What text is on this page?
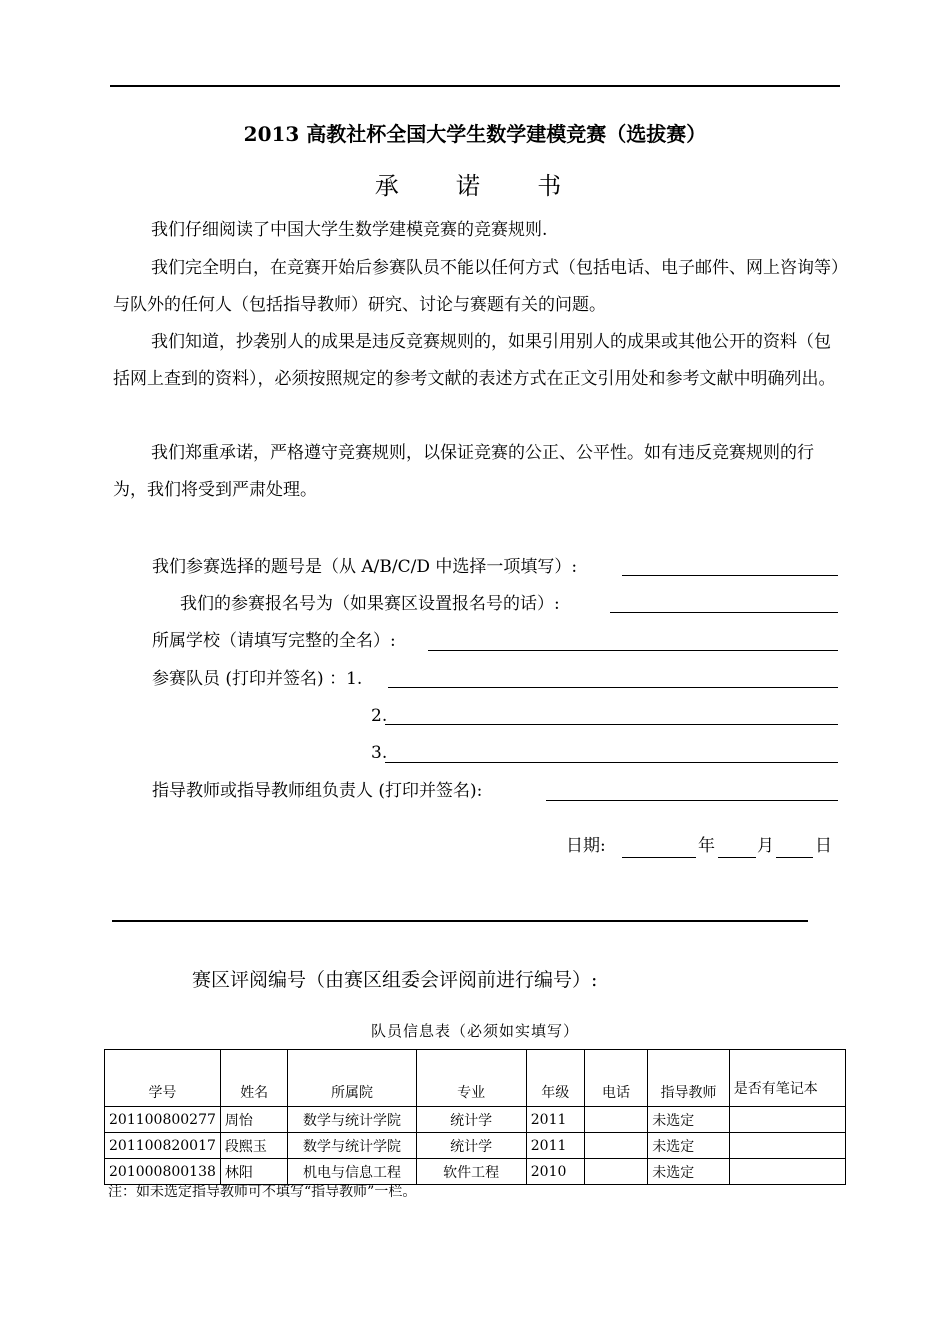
2013 高教社杯全国大学生数学建模竞赛（选拔赛）
承  诺  书
我们仔细阅读了中国大学生数学建模竞赛的竞赛规则.
我们完全明白，在竞赛开始后参赛队员不能以任何方式（包括电话、电子邮件、网上咨询等）与队外的任何人（包括指导教师）研究、讨论与赛题有关的问题。
我们知道，抄袭别人的成果是违反竞赛规则的，如果引用别人的成果或其他公开的资料（包括网上查到的资料），必须按照规定的参考文献的表述方式在正文引用处和参考文献中明确列出。
我们郑重承诺，严格遵守竞赛规则，以保证竞赛的公正、公平性。如有违反竞赛规则的行为，我们将受到严肃处理。
我们参赛选择的题号是（从 A/B/C/D 中选择一项填写）:
我们的参赛报名号为（如果赛区设置报名号的话）:
所属学校（请填写完整的全名）:
参赛队员 (打印并签名) ：1.
2.
3.
指导教师或指导教师组负责人 (打印并签名):
日期:	年 月 日
赛区评阅编号（由赛区组委会评阅前进行编号）:
队员信息表（必须如实填写）
学号	姓名	所属院	专业	年级	电话	指导教师	是否有笔记本
201100800277	周怡	数学与统计学院	统计学	2011		未选定	
201100820017	段熙玉	数学与统计学院	统计学	2011		未选定	
201000800138	林阳	机电与信息工程	软件工程	2010		未选定	
注：如未选定指导教师可不填写“指导教师”一栏。
